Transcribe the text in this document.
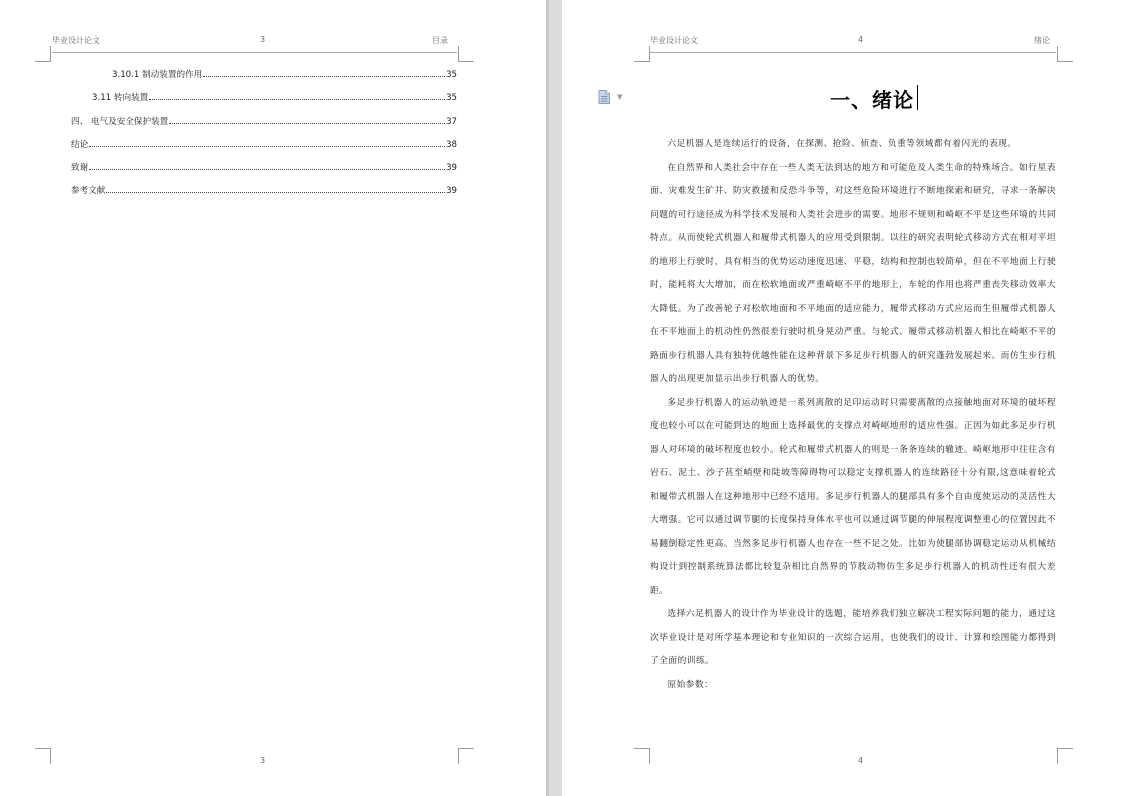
毕业设计论文	3	目录
3.10.1 制动装置的作用	35
3.11 转向装置	35
四、 电气及安全保护装置	37
结论	38
致谢	39
参考文献	39
3
毕业设计论文	4	绪论
▼	一、绪论

六足机器人是连续运行的设备，在探测、抢险、侦查、负重等领域都有着闪光的表现。

在自然界和人类社会中存在一些人类无法到达的地方和可能危及人类生命的特殊场合。如行星表面、灾难发生矿井、防灾救援和反恐斗争等，对这些危险环境进行不断地探索和研究，寻求一条解决问题的可行途径成为科学技术发展和人类社会进步的需要。地形不规则和崎岖不平是这些环境的共同特点。从而使轮式机器人和履带式机器人的应用受到限制。以往的研究表明轮式移动方式在相对平坦的地形上行驶时，具有相当的优势运动速度迅速、平稳，结构和控制也较简单，但在不平地面上行驶时，能耗将大大增加，而在松软地面或严重崎岖不平的地形上，车轮的作用也将严重丧失移动效率大大降低。为了改善轮子对松软地面和不平地面的适应能力，履带式移动方式应运而生但履带式机器人在不平地面上的机动性仍然很差行驶时机身晃动严重。与轮式、履带式移动机器人相比在崎岖不平的路面步行机器人具有独特优越性能在这种背景下多足步行机器人的研究蓬勃发展起来。而仿生步行机器人的出现更加显示出步行机器人的优势。

多足步行机器人的运动轨迹是一系列离散的足印运动时只需要离散的点接触地面对环境的破坏程度也较小可以在可能到达的地面上选择最优的支撑点对崎岖地形的适应性强。正因为如此多足步行机器人对环境的破坏程度也较小。轮式和履带式机器人的则是一条条连续的辙迹。崎岖地形中往往含有岩石、泥土、沙子甚至峭壁和陡坡等障碍物可以稳定支撑机器人的连续路径十分有限,这意味着轮式和履带式机器人在这种地形中已经不适用。多足步行机器人的腿部具有多个自由度使运动的灵活性大大增强。它可以通过调节腿的长度保持身体水平也可以通过调节腿的伸展程度调整重心的位置因此不易翻倒稳定性更高。当然多足步行机器人也存在一些不足之处。比如为使腿部协调稳定运动从机械结构设计到控制系统算法都比较复杂相比自然界的节肢动物仿生多足步行机器人的机动性还有很大差距。

选择六足机器人的设计作为毕业设计的选题，能培养我们独立解决工程实际问题的能力，通过这次毕业设计是对所学基本理论和专业知识的一次综合运用，也使我们的设计、计算和绘图能力都得到了全面的训练。

原始参数：

4
